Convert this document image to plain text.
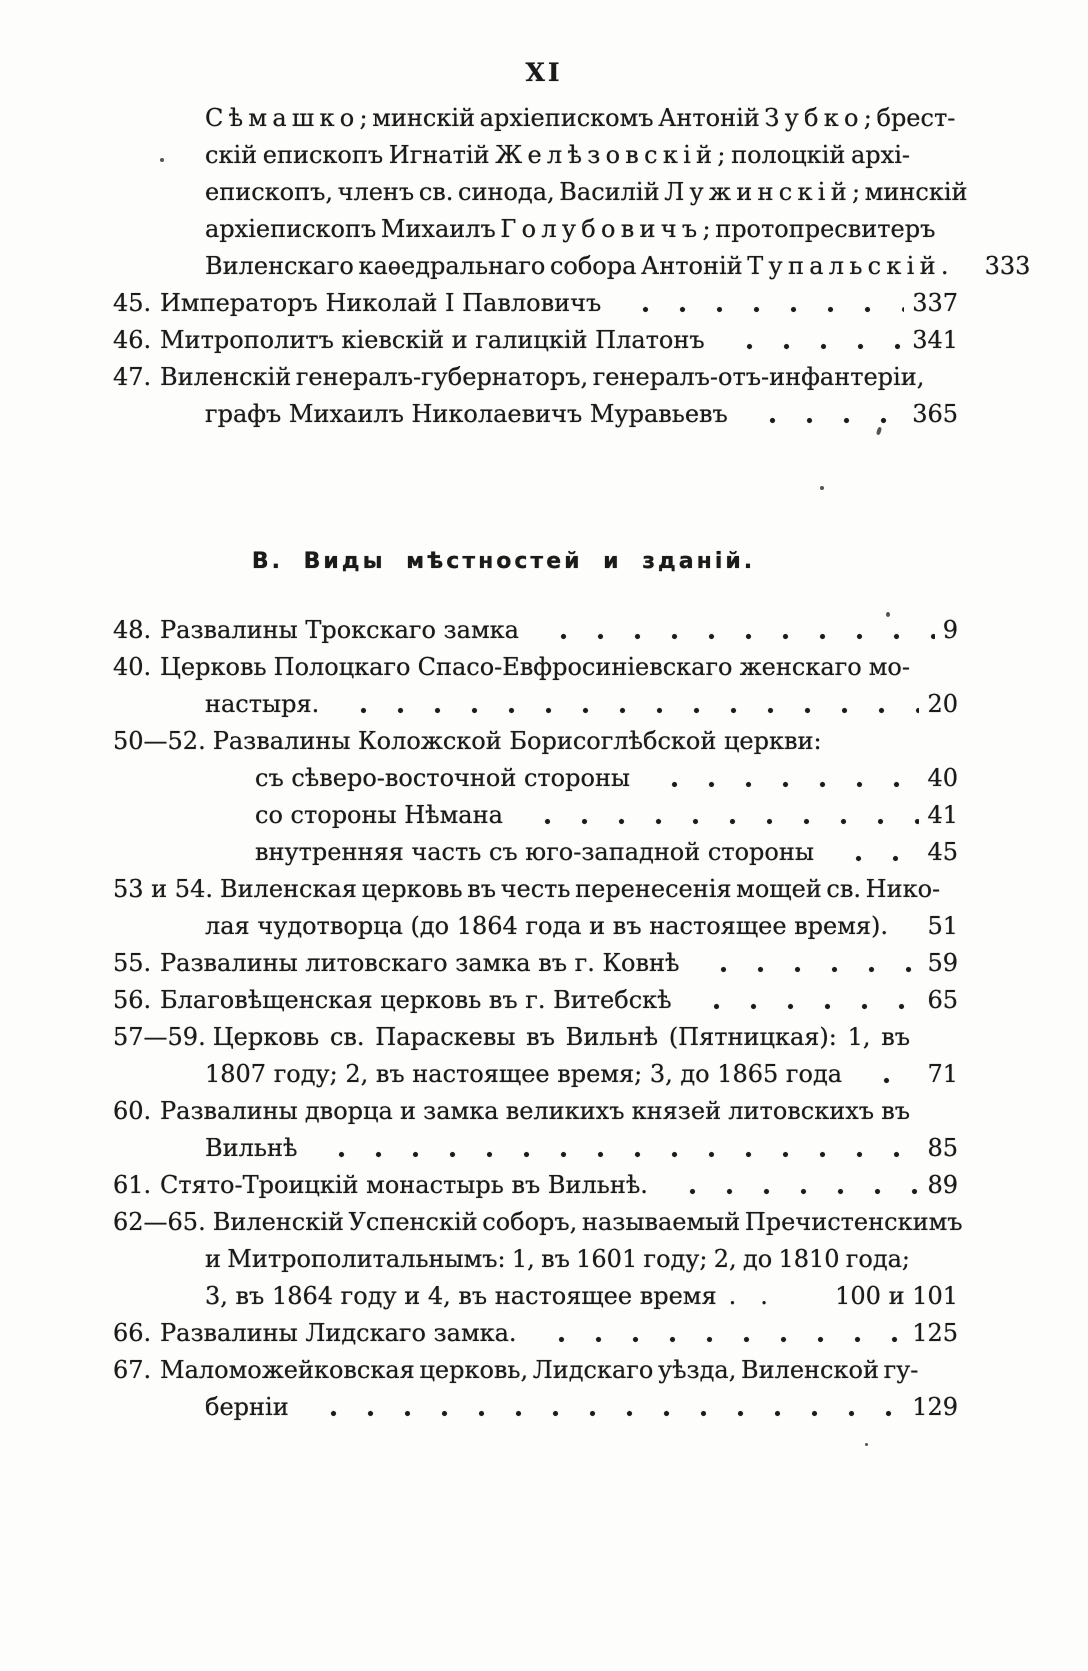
XI
Сѣмашко; минскій архіепискомъ Антоній Зубко; брест-
скій епископъ Игнатій Желѣзовскій; полоцкій архі-
епископъ, членъ св. синода, Василій Лужинскій; минскій
архіепископъ Михаилъ Голубовичъ; протопресвитеръ
Виленскаго каѳедральнаго собора Антоній Тупальскій. 333
45. Императоръ Николай I Павловичъ	337
46. Митрополитъ кіевскій и галицкій Платонъ	341
47. Виленскій генералъ-губернаторъ, генералъ-отъ-инфантеріи,
графъ Михаилъ Николаевичъ Муравьевъ	365
В. Виды мѣстностей и зданій.
48. Развалины Трокскаго замка	9
40. Церковь Полоцкаго Спасо-Евфросиніевскаго женскаго мо-
настыря.	20
50—52. Развалины Коложской Борисоглѣбской церкви:
съ сѣверо-восточной стороны	40
со стороны Нѣмана	41
внутренняя часть съ юго-западной стороны	45
53 и 54. Виленская церковь въ честь перенесенія мощей св. Нико-
лая чудотворца (до 1864 года и въ настоящее время). 51
55. Развалины литовскаго замка въ г. Ковнѣ	59
56. Благовѣщенская церковь въ г. Витебскѣ	65
57—59. Церковь св. Параскевы въ Вильнѣ (Пятницкая): 1, въ
1807 году; 2, въ настоящее время; 3, до 1865 года	71
60. Развалины дворца и замка великихъ князей литовскихъ въ
Вильнѣ	85
61. Стято-Троицкій монастырь въ Вильнѣ.	89
62—65. Виленскій Успенскій соборъ, называемый Пречистенскимъ
и Митрополитальнымъ: 1, въ 1601 году; 2, до 1810 года;
3, въ 1864 году и 4, въ настоящее время . .	100 и 101
66. Развалины Лидскаго замка.	125
67. Маломожейковская церковь, Лидскаго уѣзда, Виленской гу-
берніи	129
